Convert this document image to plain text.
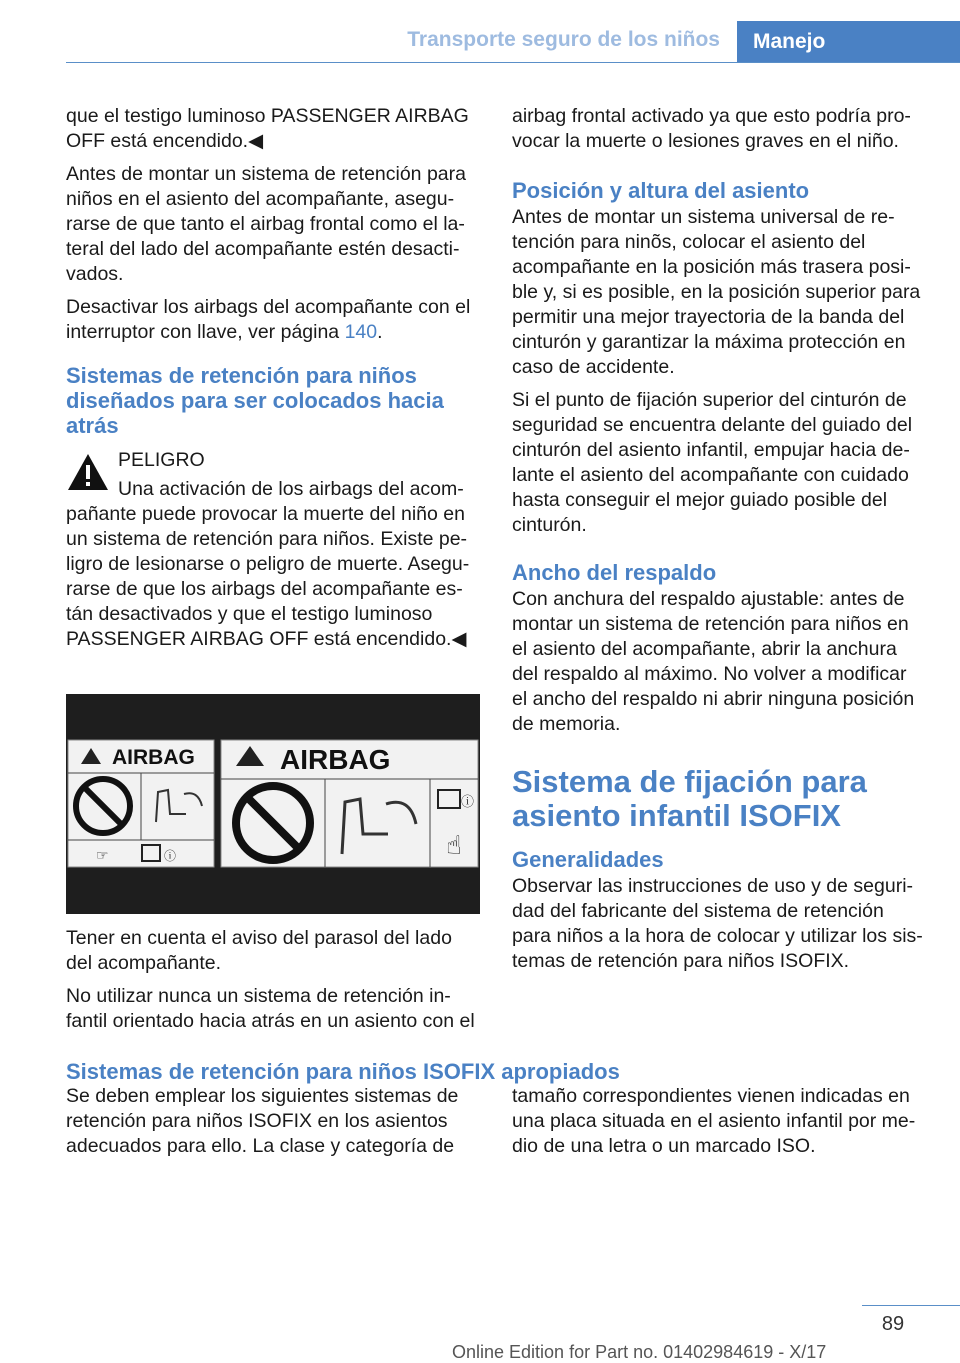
Transporte seguro de los niños	Manejo

que el testigo luminoso PASSENGER AIRBAG OFF está encendido.◀

Antes de montar un sistema de retención para niños en el asiento del acompañante, asegu‐rarse de que tanto el airbag frontal como el la‐teral del lado del acompañante estén desacti‐vados.

Desactivar los airbags del acompañante con el interruptor con llave, ver página 140.

Sistemas de retención para niños diseñados para ser colocados hacia atrás

PELIGRO

Una activación de los airbags del acom‐pañante puede provocar la muerte del niño en un sistema de retención para niños. Existe pe‐ligro de lesionarse o peligro de muerte. Asegu‐rarse de que los airbags del acompañante es‐tán desactivados y que el testigo luminoso PASSENGER AIRBAG OFF está encendido.◀

AIRBAG
☞	ⓘ
AIRBAG
ⓘ
☝

Tener en cuenta el aviso del parasol del lado del acompañante.

No utilizar nunca un sistema de retención in‐fantil orientado hacia atrás en un asiento con el

airbag frontal activado ya que esto podría pro‐vocar la muerte o lesiones graves en el niño.

Posición y altura del asiento

Antes de montar un sistema universal de re‐tención para ninõs, colocar el asiento del acompañante en la posición más trasera posi‐ble y, si es posible, en la posición superior para permitir una mejor trayectoria de la banda del cinturón y garantizar la máxima protección en caso de accidente.

Si el punto de fijación superior del cinturón de seguridad se encuentra delante del guiado del cinturón del asiento infantil, empujar hacia de‐lante el asiento del acompañante con cuidado hasta conseguir el mejor guiado posible del cinturón.

Ancho del respaldo

Con anchura del respaldo ajustable: antes de montar un sistema de retención para niños en el asiento del acompañante, abrir la anchura del respaldo al máximo. No volver a modificar el ancho del respaldo ni abrir ninguna posición de memoria.

Sistema de fijación para asiento infantil ISOFIX
Generalidades

Observar las instrucciones de uso y de seguri‐dad del fabricante del sistema de retención para niños a la hora de colocar y utilizar los sis‐temas de retención para niños ISOFIX.

Sistemas de retención para niños ISOFIX apropiados
Se deben emplear los siguientes sistemas de retención para niños ISOFIX en los asientos adecuados para ello. La clase y categoría de
tamaño correspondientes vienen indicadas en una placa situada en el asiento infantil por me‐dio de una letra o un marcado ISO.
89
Online Edition for Part no. 01402984619 - X/17
